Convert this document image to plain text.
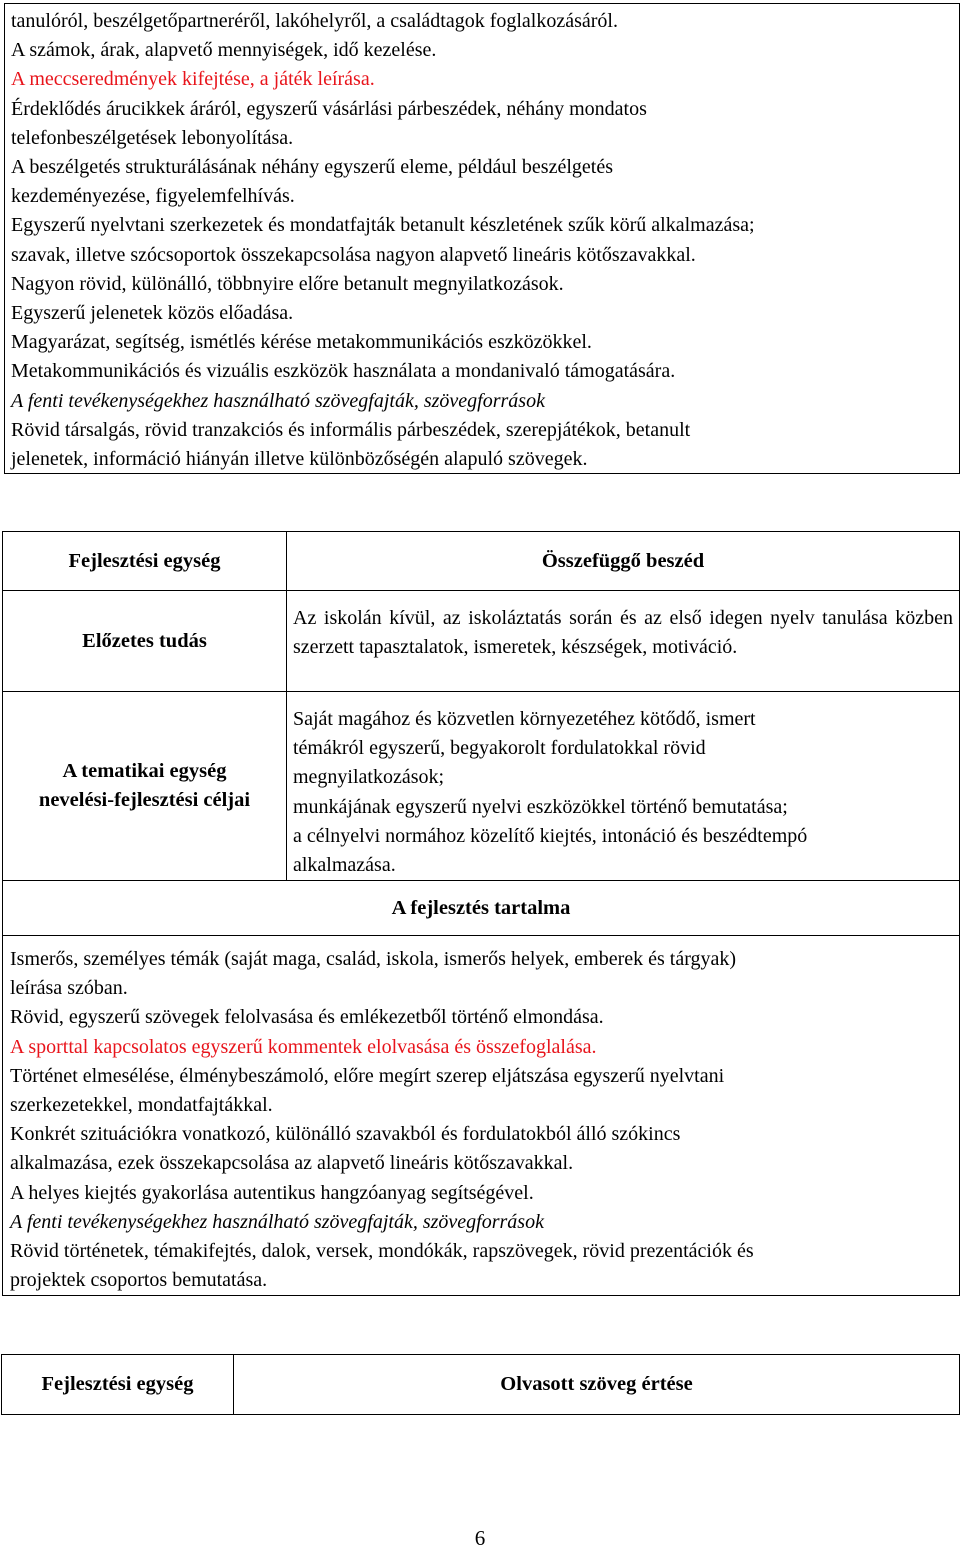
tanulóról, beszélgetőpartneréről, lakóhelyről, a családtagok foglalkozásáról.

A számok, árak, alapvető mennyiségek, idő kezelése.

A meccseredmények kifejtése, a játék leírása.

Érdeklődés árucikkek áráról, egyszerű vásárlási párbeszédek, néhány mondatos

telefonbeszélgetések lebonyolítása.

A beszélgetés strukturálásának néhány egyszerű eleme, például beszélgetés

kezdeményezése, figyelemfelhívás.

Egyszerű nyelvtani szerkezetek és mondatfajták betanult készletének szűk körű alkalmazása;

szavak, illetve szócsoportok összekapcsolása nagyon alapvető lineáris kötőszavakkal.

Nagyon rövid, különálló, többnyire előre betanult megnyilatkozások.

Egyszerű jelenetek közös előadása.

Magyarázat, segítség, ismétlés kérése metakommunikációs eszközökkel.

Metakommunikációs és vizuális eszközök használata a mondanivaló támogatására.

A fenti tevékenységekhez használható szövegfajták, szövegforrások

Rövid társalgás, rövid tranzakciós és informális párbeszédek, szerepjátékok, betanult

jelenetek, információ hiányán illetve különbözőségén alapuló szövegek.

Fejlesztési egység	Összefüggő beszéd
Előzetes tudás
Az iskolán kívül, az iskoláztatás során és az első idegen nyelv tanulása közben szerzett tapasztalatok, ismeretek, készségek, motiváció.
A tematikai egység
nevelési-fejlesztési céljai

Saját magához és közvetlen környezetéhez kötődő, ismert

témákról egyszerű, begyakorolt fordulatokkal rövid

megnyilatkozások;

munkájának egyszerű nyelvi eszközökkel történő bemutatása;

a célnyelvi normához közelítő kiejtés, intonáció és beszédtempó

alkalmazása.

A fejlesztés tartalma

Ismerős, személyes témák (saját maga, család, iskola, ismerős helyek, emberek és tárgyak)

leírása szóban.

Rövid, egyszerű szövegek felolvasása és emlékezetből történő elmondása.

A sporttal kapcsolatos egyszerű kommentek elolvasása és összefoglalása.

Történet elmesélése, élménybeszámoló, előre megírt szerep eljátszása egyszerű nyelvtani

szerkezetekkel, mondatfajtákkal.

Konkrét szituációkra vonatkozó, különálló szavakból és fordulatokból álló szókincs

alkalmazása, ezek összekapcsolása az alapvető lineáris kötőszavakkal.

A helyes kiejtés gyakorlása autentikus hangzóanyag segítségével.

A fenti tevékenységekhez használható szövegfajták, szövegforrások

Rövid történetek, témakifejtés, dalok, versek, mondókák, rapszövegek, rövid prezentációk és

projektek csoportos bemutatása.

Fejlesztési egység	Olvasott szöveg értése
6
